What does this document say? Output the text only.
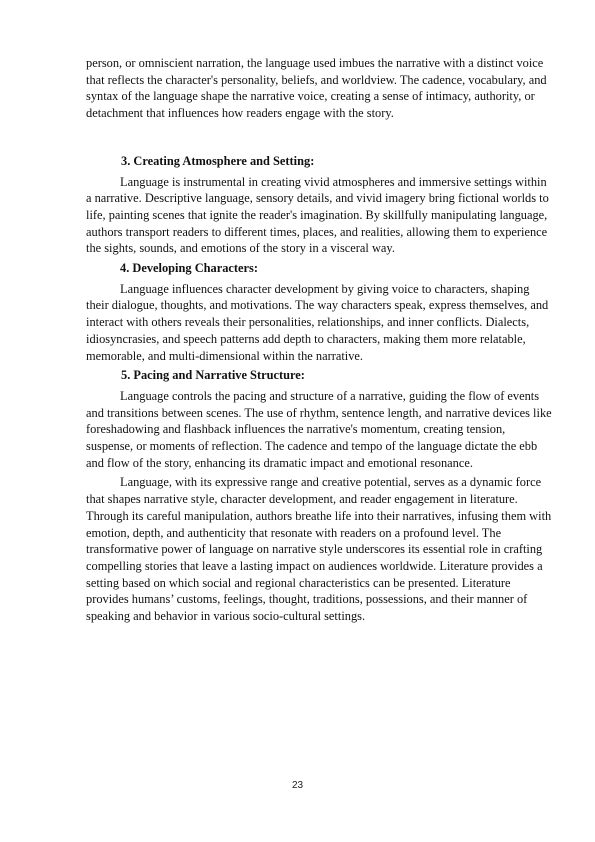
person, or omniscient narration, the language used imbues the narrative with a distinct voice that reflects the character's personality, beliefs, and worldview. The cadence, vocabulary, and syntax of the language shape the narrative voice, creating a sense of intimacy, authority, or detachment that influences how readers engage with the story.

3. Creating Atmosphere and Setting:

Language is instrumental in creating vivid atmospheres and immersive settings within a narrative. Descriptive language, sensory details, and vivid imagery bring fictional worlds to life, painting scenes that ignite the reader's imagination. By skillfully manipulating language, authors transport readers to different times, places, and realities, allowing them to experience the sights, sounds, and emotions of the story in a visceral way.

4. Developing Characters:

Language influences character development by giving voice to characters, shaping their dialogue, thoughts, and motivations. The way characters speak, express themselves, and interact with others reveals their personalities, relationships, and inner conflicts. Dialects, idiosyncrasies, and speech patterns add depth to characters, making them more relatable, memorable, and multi-dimensional within the narrative.

5. Pacing and Narrative Structure:

Language controls the pacing and structure of a narrative, guiding the flow of events and transitions between scenes. The use of rhythm, sentence length, and narrative devices like foreshadowing and flashback influences the narrative's momentum, creating tension, suspense, or moments of reflection. The cadence and tempo of the language dictate the ebb and flow of the story, enhancing its dramatic impact and emotional resonance.

Language, with its expressive range and creative potential, serves as a dynamic force that shapes narrative style, character development, and reader engagement in literature. Through its careful manipulation, authors breathe life into their narratives, infusing them with emotion, depth, and authenticity that resonate with readers on a profound level. The transformative power of language on narrative style underscores its essential role in crafting compelling stories that leave a lasting impact on audiences worldwide. Literature provides a setting based on which social and regional characteristics can be presented. Literature provides humans’ customs, feelings, thought, traditions, possessions, and their manner of speaking and behavior in various socio-cultural settings.

23
